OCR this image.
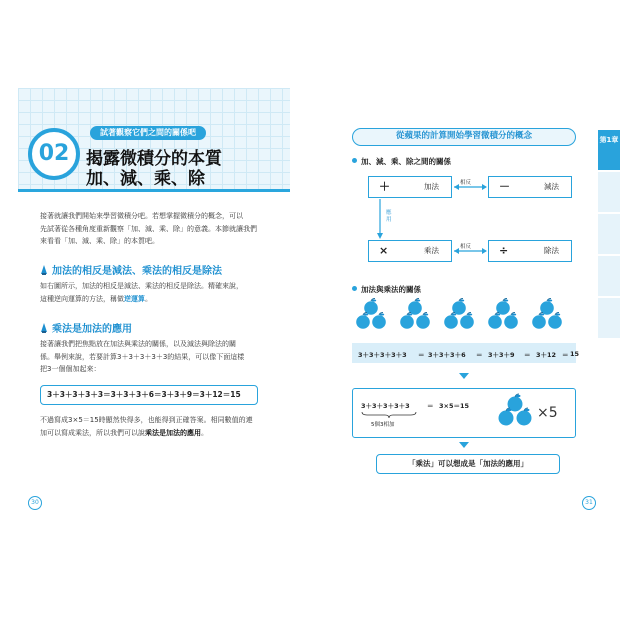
試著觀察它們之間的關係吧
02 揭露微積分的本質
加、減、乘、除
接著就讓我們開始來學習微積分吧。若想掌握微積分的概念，可以
先試著從各種角度重新觀察「加、減、乘、除」的意義。本節就讓我們
來看看「加、減、乘、除」的本質吧。
加法的相反是減法、乘法的相反是除法
如右圖所示，加法的相反是減法、乘法的相反是除法。精確來說，
這種逆向運算的方法，稱做逆運算。
乘法是加法的應用
接著讓我們把焦點放在加法與乘法的關係，以及減法與除法的關
係。舉例來說，若要計算3＋3＋3＋3＋3的結果，可以像下面這樣
把3一個個加起來：
3＋3＋3＋3＋3＝3＋3＋3＋6＝3＋3＋9＝3＋12＝15
不過寫成3×5＝15時顯然快得多，也能得到正確答案。相同數值的連
加可以寫成乘法，所以我們可以說乘法是加法的應用。
30
從蘋果的計算開始學習微積分的概念
加、減、乘、除之間的關係
＋	加法	－	減法
×	乘法	÷	除法
相反
相反
應用
加法與乘法的關係
3＋3＋3＋3＋3 ＝ 3＋3＋3＋6 ＝ 3＋3＋9 ＝ 3＋12 ＝ 15
3＋3＋3＋3＋3
5個3相加
＝ 3×5＝15	×5
「乘法」可以想成是「加法的應用」
31
第1章
